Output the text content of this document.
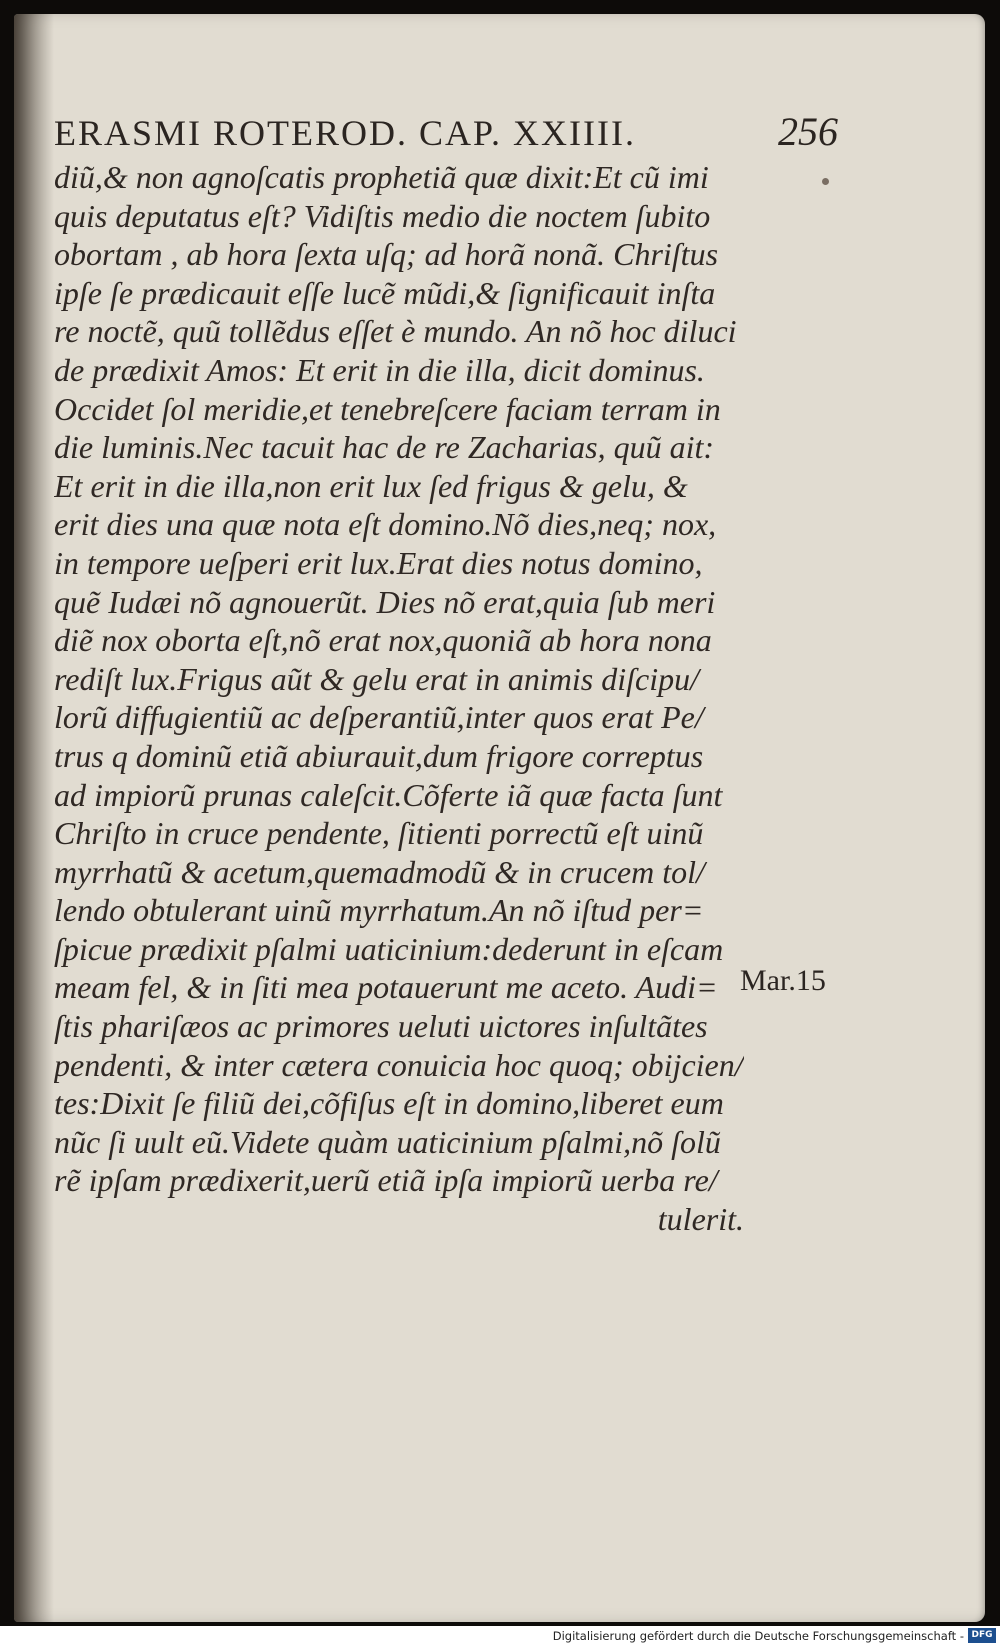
ERASMI ROTEROD. CAP. XXIIII.	256
diũ,& non agnoſcatis prophetiã quæ dixit:Et cũ imi
quis deputatus eſt? Vidiſtis medio die noctem ſubito
obortam , ab hora ſexta uſq; ad horã nonã. Chriſtus
ipſe ſe prædicauit eſſe lucẽ mũdi,& ſignificauit inſta
re noctẽ, quũ tollẽdus eſſet è mundo. An nõ hoc diluci
de prædixit Amos: Et erit in die illa, dicit dominus.
Occidet ſol meridie,et tenebreſcere faciam terram in
die luminis.Nec tacuit hac de re Zacharias, quũ ait:
Et erit in die illa,non erit lux ſed frigus & gelu, &
erit dies una quæ nota eſt domino.Nõ dies,neq; nox,
in tempore ueſperi erit lux.Erat dies notus domino,
quẽ Iudæi nõ agnouerũt. Dies nõ erat,quia ſub meri
diẽ nox oborta eſt,nõ erat nox,quoniã ab hora nona
rediſt lux.Frigus aũt & gelu erat in animis diſcipu/
lorũ diffugientiũ ac deſperantiũ,inter quos erat Pe/
trus q dominũ etiã abiurauit,dum frigore correptus
ad impiorũ prunas caleſcit.Cõferte iã quæ facta ſunt
Chriſto in cruce pendente, ſitienti porrectũ eſt uinũ
myrrhatũ & acetum,quemadmodũ & in crucem tol/
lendo obtulerant uinũ myrrhatum.An nõ iſtud per=
ſpicue prædixit pſalmi uaticinium:dederunt in eſcam
meam fel, & in ſiti mea potauerunt me aceto. Audi=
ſtis phariſæos ac primores ueluti uictores inſultãtes
pendenti, & inter cætera conuicia hoc quoq; obijcien/
tes:Dixit ſe filiũ dei,cõfiſus eſt in domino,liberet eum
nũc ſi uult eũ.Videte quàm uaticinium pſalmi,nõ ſolũ
rẽ ipſam prædixerit,uerũ etiã ipſa impiorũ uerba re/
tulerit.
Mar.15
Digitalisierung gefördert durch die Deutsche Forschungsgemeinschaft - DFG
